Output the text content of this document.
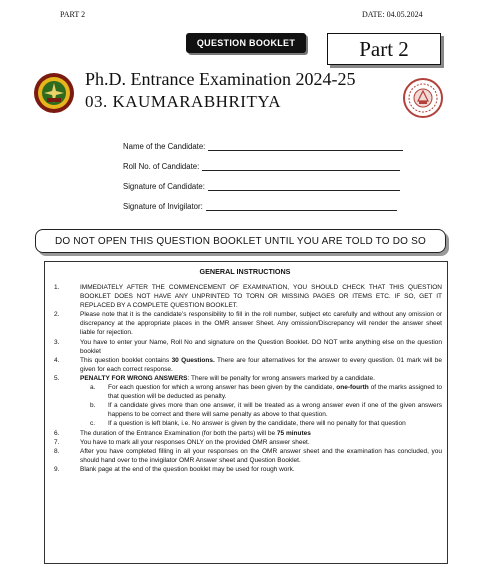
PART 2	DATE: 04.05.2024
QUESTION BOOKLET	Part 2
Ph.D. Entrance Examination 2024-25
03. KAUMARABHRITYA
Name of the Candidate:
Roll No. of Candidate:
Signature of Candidate:
Signature of Invigilator:
DO NOT OPEN THIS QUESTION BOOKLET UNTIL YOU ARE TOLD TO DO SO
GENERAL INSTRUCTIONS
1.	IMMEDIATELY AFTER THE COMMENCEMENT OF EXAMINATION, YOU SHOULD CHECK THAT THIS QUESTION BOOKLET DOES NOT HAVE ANY UNPRINTED TO TORN OR MISSING PAGES OR ITEMS ETC. IF SO, GET IT REPLACED BY A COMPLETE QUESTION BOOKLET.
2.	Please note that it is the candidate’s responsibility to fill in the roll number, subject etc carefully and without any omission or discrepancy at the appropriate places in the OMR answer Sheet. Any omission/Discrepancy will render the answer sheet liable for rejection.
3.	You have to enter your Name, Roll No and signature on the Question Booklet. DO NOT write anything else on the question booklet
4.	This question booklet contains 30 Questions. There are four alternatives for the answer to every question. 01 mark will be given for each correct response.
5.	PENALTY FOR WRONG ANSWERS: There will be penalty for wrong answers marked by a candidate.
a.	For each question for which a wrong answer has been given by the candidate, one-fourth of the marks assigned to that question will be deducted as penalty.
b.	If a candidate gives more than one answer, it will be treated as a wrong answer even if one of the given answers happens to be correct and there will same penalty as above to that question.
c.	If a question is left blank, i.e. No answer is given by the candidate, there will no penalty for that question
6.	The duration of the Entrance Examination (for both the parts) will be 75 minutes
7.	You have to mark all your responses ONLY on the provided OMR answer sheet.
8.	After you have completed filling in all your responses on the OMR answer sheet and the examination has concluded, you should hand over to the invigilator OMR Answer sheet and Question Booklet.
9.	Blank page at the end of the question booklet may be used for rough work.
